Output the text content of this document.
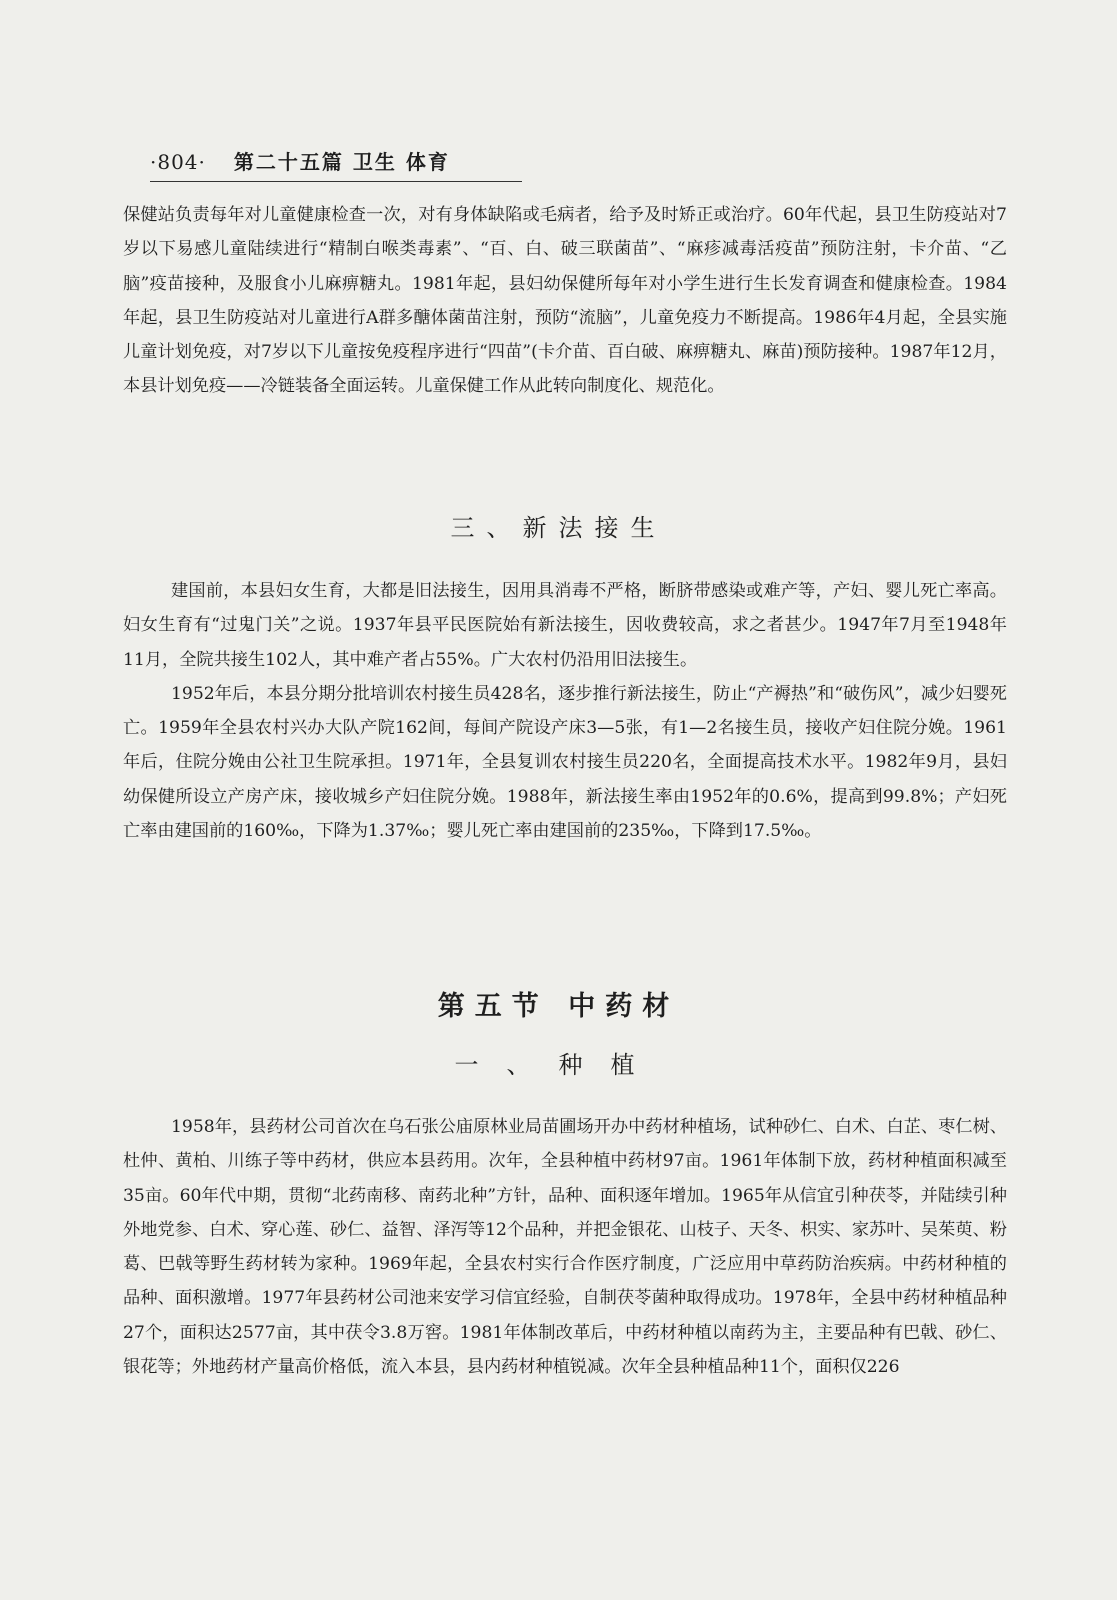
·804· 第二十五篇 卫生 体育

保健站负责每年对儿童健康检查一次，对有身体缺陷或毛病者，给予及时矫正或治疗。60年代起，县卫生防疫站对7岁以下易感儿童陆续进行“精制白喉类毒素”、“百、白、破三联菌苗”、“麻疹减毒活疫苗”预防注射，卡介苗、“乙脑”疫苗接种，及服食小儿麻痹糖丸。1981年起，县妇幼保健所每年对小学生进行生长发育调查和健康检查。1984年起，县卫生防疫站对儿童进行A群多醣体菌苗注射，预防“流脑”，儿童免疫力不断提高。1986年4月起，全县实施儿童计划免疫，对7岁以下儿童按免疫程序进行“四苗”(卡介苗、百白破、麻痹糖丸、麻苗)预防接种。1987年12月，本县计划免疫——冷链装备全面运转。儿童保健工作从此转向制度化、规范化。

三、新法接生

建国前，本县妇女生育，大都是旧法接生，因用具消毒不严格，断脐带感染或难产等，产妇、婴儿死亡率高。妇女生育有“过鬼门关”之说。1937年县平民医院始有新法接生，因收费较高，求之者甚少。1947年7月至1948年11月，全院共接生102人，其中难产者占55%。广大农村仍沿用旧法接生。

1952年后，本县分期分批培训农村接生员428名，逐步推行新法接生，防止“产褥热”和“破伤风”，减少妇婴死亡。1959年全县农村兴办大队产院162间，每间产院设产床3—5张，有1—2名接生员，接收产妇住院分娩。1961年后，住院分娩由公社卫生院承担。1971年，全县复训农村接生员220名，全面提高技术水平。1982年9月，县妇幼保健所设立产房产床，接收城乡产妇住院分娩。1988年，新法接生率由1952年的0.6%，提高到99.8%；产妇死亡率由建国前的160‰，下降为1.37‰；婴儿死亡率由建国前的235‰，下降到17.5‰。

第五节 中药材
一、种植

1958年，县药材公司首次在乌石张公庙原林业局苗圃场开办中药材种植场，试种砂仁、白术、白芷、枣仁树、杜仲、黄柏、川练子等中药材，供应本县药用。次年，全县种植中药材97亩。1961年体制下放，药材种植面积减至35亩。60年代中期，贯彻“北药南移、南药北种”方针，品种、面积逐年增加。1965年从信宜引种茯苓，并陆续引种外地党参、白术、穿心莲、砂仁、益智、泽泻等12个品种，并把金银花、山枝子、天冬、枳实、家苏叶、吴茱萸、粉葛、巴戟等野生药材转为家种。1969年起，全县农村实行合作医疗制度，广泛应用中草药防治疾病。中药材种植的品种、面积激增。1977年县药材公司池来安学习信宜经验，自制茯苓菌种取得成功。1978年，全县中药材种植品种27个，面积达2577亩，其中茯令3.8万窖。1981年体制改革后，中药材种植以南药为主，主要品种有巴戟、砂仁、银花等；外地药材产量高价格低，流入本县，县内药材种植锐减。次年全县种植品种11个，面积仅226
